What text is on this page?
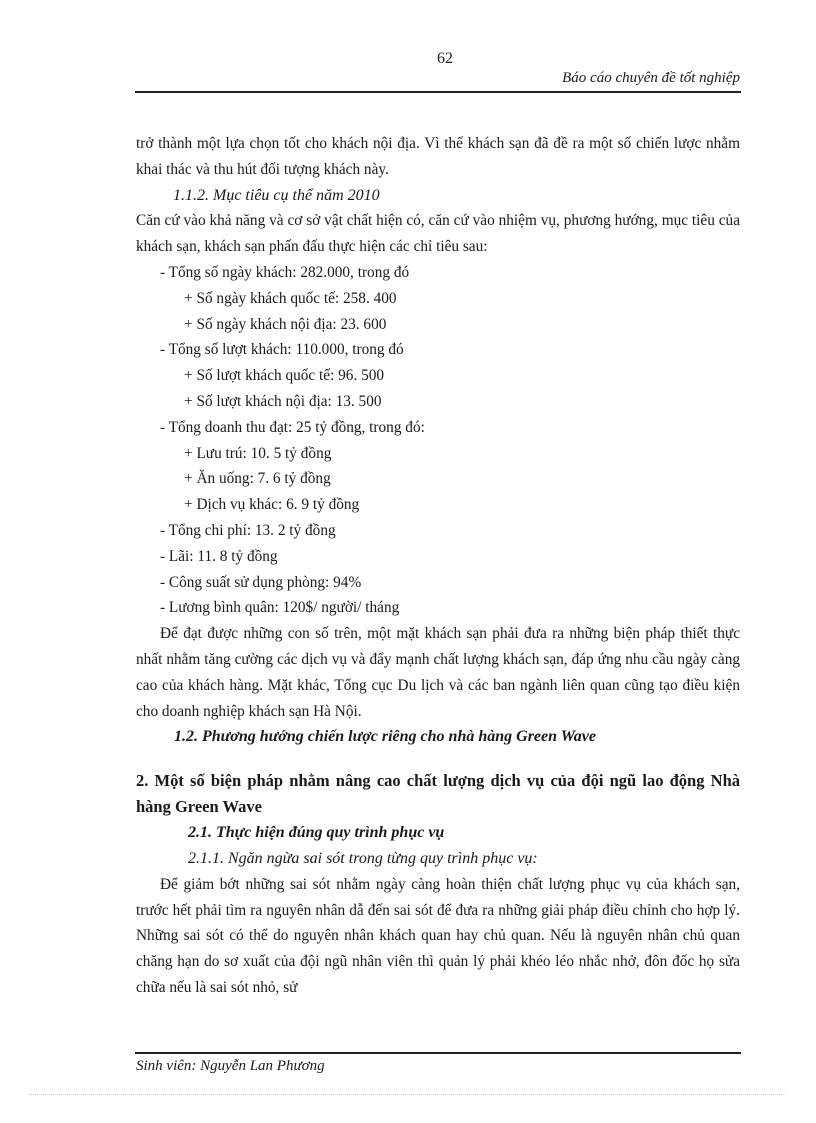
62
Báo cáo chuyên đề tốt nghiệp

trở thành một lựa chọn tốt cho khách nội địa. Vì thế khách sạn đã đề ra một số chiến lược nhằm khai thác và thu hút đối tượng khách này.

1.1.2. Mục tiêu cụ thể năm 2010

Căn cứ vào khả năng và cơ sở vật chất hiện có, căn cứ vào nhiệm vụ, phương hướng, mục tiêu của khách sạn, khách sạn phấn đấu thực hiện các chỉ tiêu sau:

- Tổng số ngày khách: 282.000, trong đó
+ Số ngày khách quốc tế: 258. 400
+ Số ngày khách nội địa: 23. 600
- Tổng số lượt khách: 110.000, trong đó
+ Số lượt khách quốc tế: 96. 500
+ Số lượt khách nội địa: 13. 500
- Tổng doanh thu đạt: 25 tỷ đồng, trong đó:
+ Lưu trú: 10. 5 tỷ đồng
+ Ăn uống: 7. 6 tỷ đồng
+ Dịch vụ khác: 6. 9 tỷ đồng
- Tổng chi phí: 13. 2 tỷ đồng
- Lãi: 11. 8 tỷ đồng
- Công suất sử dụng phòng: 94%
- Lương bình quân: 120$/ người/ tháng

Để đạt được những con số trên, một mặt khách sạn phải đưa ra những biện pháp thiết thực nhất nhằm tăng cường các dịch vụ và đẩy mạnh chất lượng khách sạn, đáp ứng nhu cầu ngày càng cao của khách hàng. Mặt khác, Tổng cục Du lịch và các ban ngành liên quan cũng tạo điều kiện cho doanh nghiệp khách sạn Hà Nội.

1.2. Phương hướng chiến lược riêng cho nhà hàng Green Wave

2. Một số biện pháp nhằm nâng cao chất lượng dịch vụ của đội ngũ lao động Nhà hàng Green Wave

2.1. Thực hiện đúng quy trình phục vụ
2.1.1. Ngăn ngừa sai sót trong từng quy trình phục vụ:

Để giảm bớt những sai sót nhằm ngày càng hoàn thiện chất lượng phục vụ của khách sạn, trước hết phải tìm ra nguyên nhân dẫ đến sai sót để đưa ra những giải pháp điều chỉnh cho hợp lý. Những sai sót có thể do nguyên nhân khách quan hay chủ quan. Nếu là nguyên nhân chủ quan chăng hạn do sơ xuất của đội ngũ nhân viên thì quản lý phải khéo léo nhắc nhở, đôn đốc họ sửa chữa nếu là sai sót nhỏ, sử

Sinh viên: Nguyễn Lan Phương
